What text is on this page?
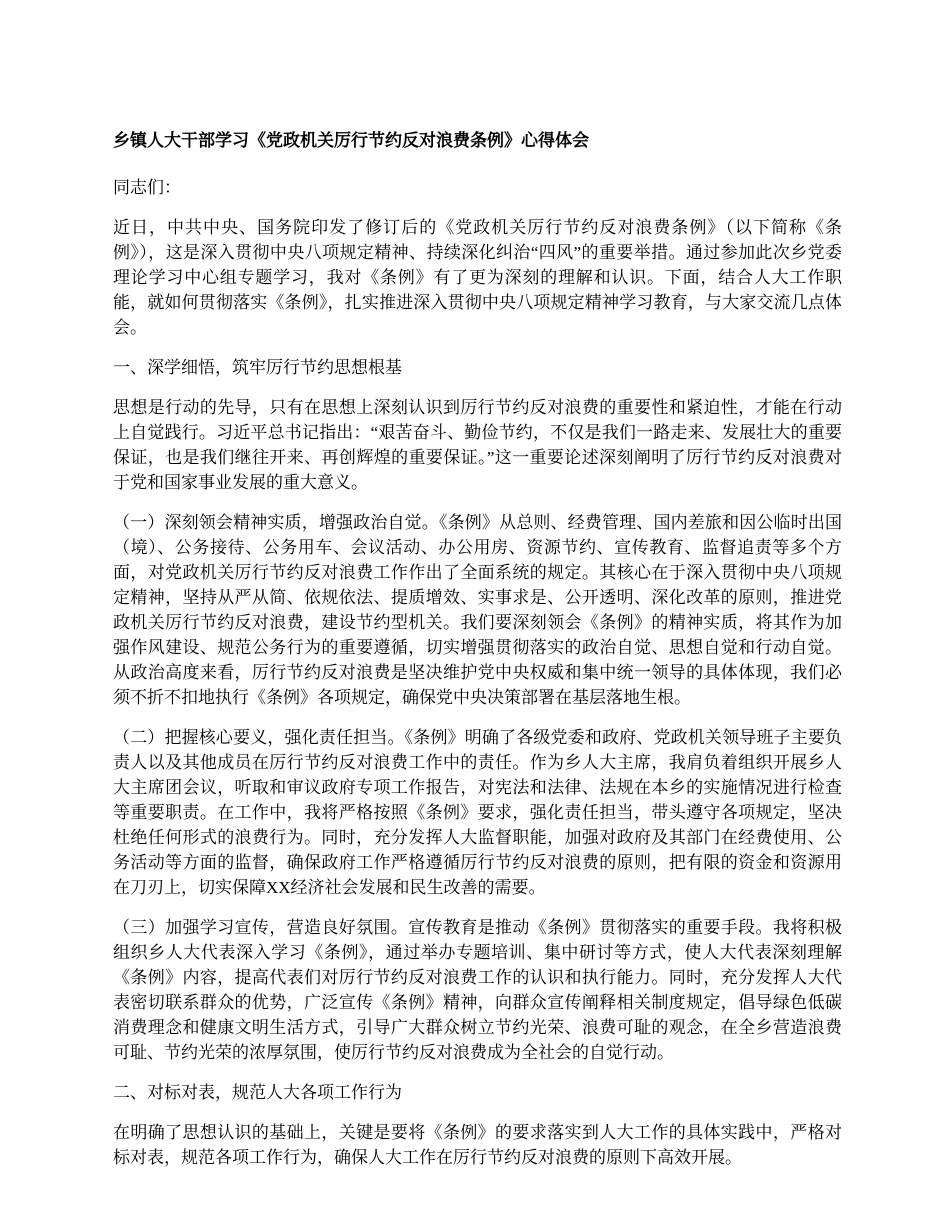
乡镇人大干部学习《党政机关厉行节约反对浪费条例》心得体会

同志们：

近日，中共中央、国务院印发了修订后的《党政机关厉行节约反对浪费条例》（以下简称《条例》），这是深入贯彻中央八项规定精神、持续深化纠治“四风”的重要举措。通过参加此次乡党委理论学习中心组专题学习，我对《条例》有了更为深刻的理解和认识。下面，结合人大工作职能，就如何贯彻落实《条例》，扎实推进深入贯彻中央八项规定精神学习教育，与大家交流几点体会。

一、深学细悟，筑牢厉行节约思想根基

思想是行动的先导，只有在思想上深刻认识到厉行节约反对浪费的重要性和紧迫性，才能在行动上自觉践行。习近平总书记指出：“艰苦奋斗、勤俭节约，不仅是我们一路走来、发展壮大的重要保证，也是我们继往开来、再创辉煌的重要保证。”这一重要论述深刻阐明了厉行节约反对浪费对于党和国家事业发展的重大意义。

（一）深刻领会精神实质，增强政治自觉。《条例》从总则、经费管理、国内差旅和因公临时出国（境）、公务接待、公务用车、会议活动、办公用房、资源节约、宣传教育、监督追责等多个方面，对党政机关厉行节约反对浪费工作作出了全面系统的规定。其核心在于深入贯彻中央八项规定精神，坚持从严从简、依规依法、提质增效、实事求是、公开透明、深化改革的原则，推进党政机关厉行节约反对浪费，建设节约型机关。我们要深刻领会《条例》的精神实质，将其作为加强作风建设、规范公务行为的重要遵循，切实增强贯彻落实的政治自觉、思想自觉和行动自觉。从政治高度来看，厉行节约反对浪费是坚决维护党中央权威和集中统一领导的具体体现，我们必须不折不扣地执行《条例》各项规定，确保党中央决策部署在基层落地生根。

（二）把握核心要义，强化责任担当。《条例》明确了各级党委和政府、党政机关领导班子主要负责人以及其他成员在厉行节约反对浪费工作中的责任。作为乡人大主席，我肩负着组织开展乡人大主席团会议，听取和审议政府专项工作报告，对宪法和法律、法规在本乡的实施情况进行检查等重要职责。在工作中，我将严格按照《条例》要求，强化责任担当，带头遵守各项规定，坚决杜绝任何形式的浪费行为。同时，充分发挥人大监督职能，加强对政府及其部门在经费使用、公务活动等方面的监督，确保政府工作严格遵循厉行节约反对浪费的原则，把有限的资金和资源用在刀刃上，切实保障XX经济社会发展和民生改善的需要。

（三）加强学习宣传，营造良好氛围。宣传教育是推动《条例》贯彻落实的重要手段。我将积极组织乡人大代表深入学习《条例》，通过举办专题培训、集中研讨等方式，使人大代表深刻理解《条例》内容，提高代表们对厉行节约反对浪费工作的认识和执行能力。同时，充分发挥人大代表密切联系群众的优势，广泛宣传《条例》精神，向群众宣传阐释相关制度规定，倡导绿色低碳消费理念和健康文明生活方式，引导广大群众树立节约光荣、浪费可耻的观念，在全乡营造浪费可耻、节约光荣的浓厚氛围，使厉行节约反对浪费成为全社会的自觉行动。

二、对标对表，规范人大各项工作行为

在明确了思想认识的基础上，关键是要将《条例》的要求落实到人大工作的具体实践中，严格对标对表，规范各项工作行为，确保人大工作在厉行节约反对浪费的原则下高效开展。
